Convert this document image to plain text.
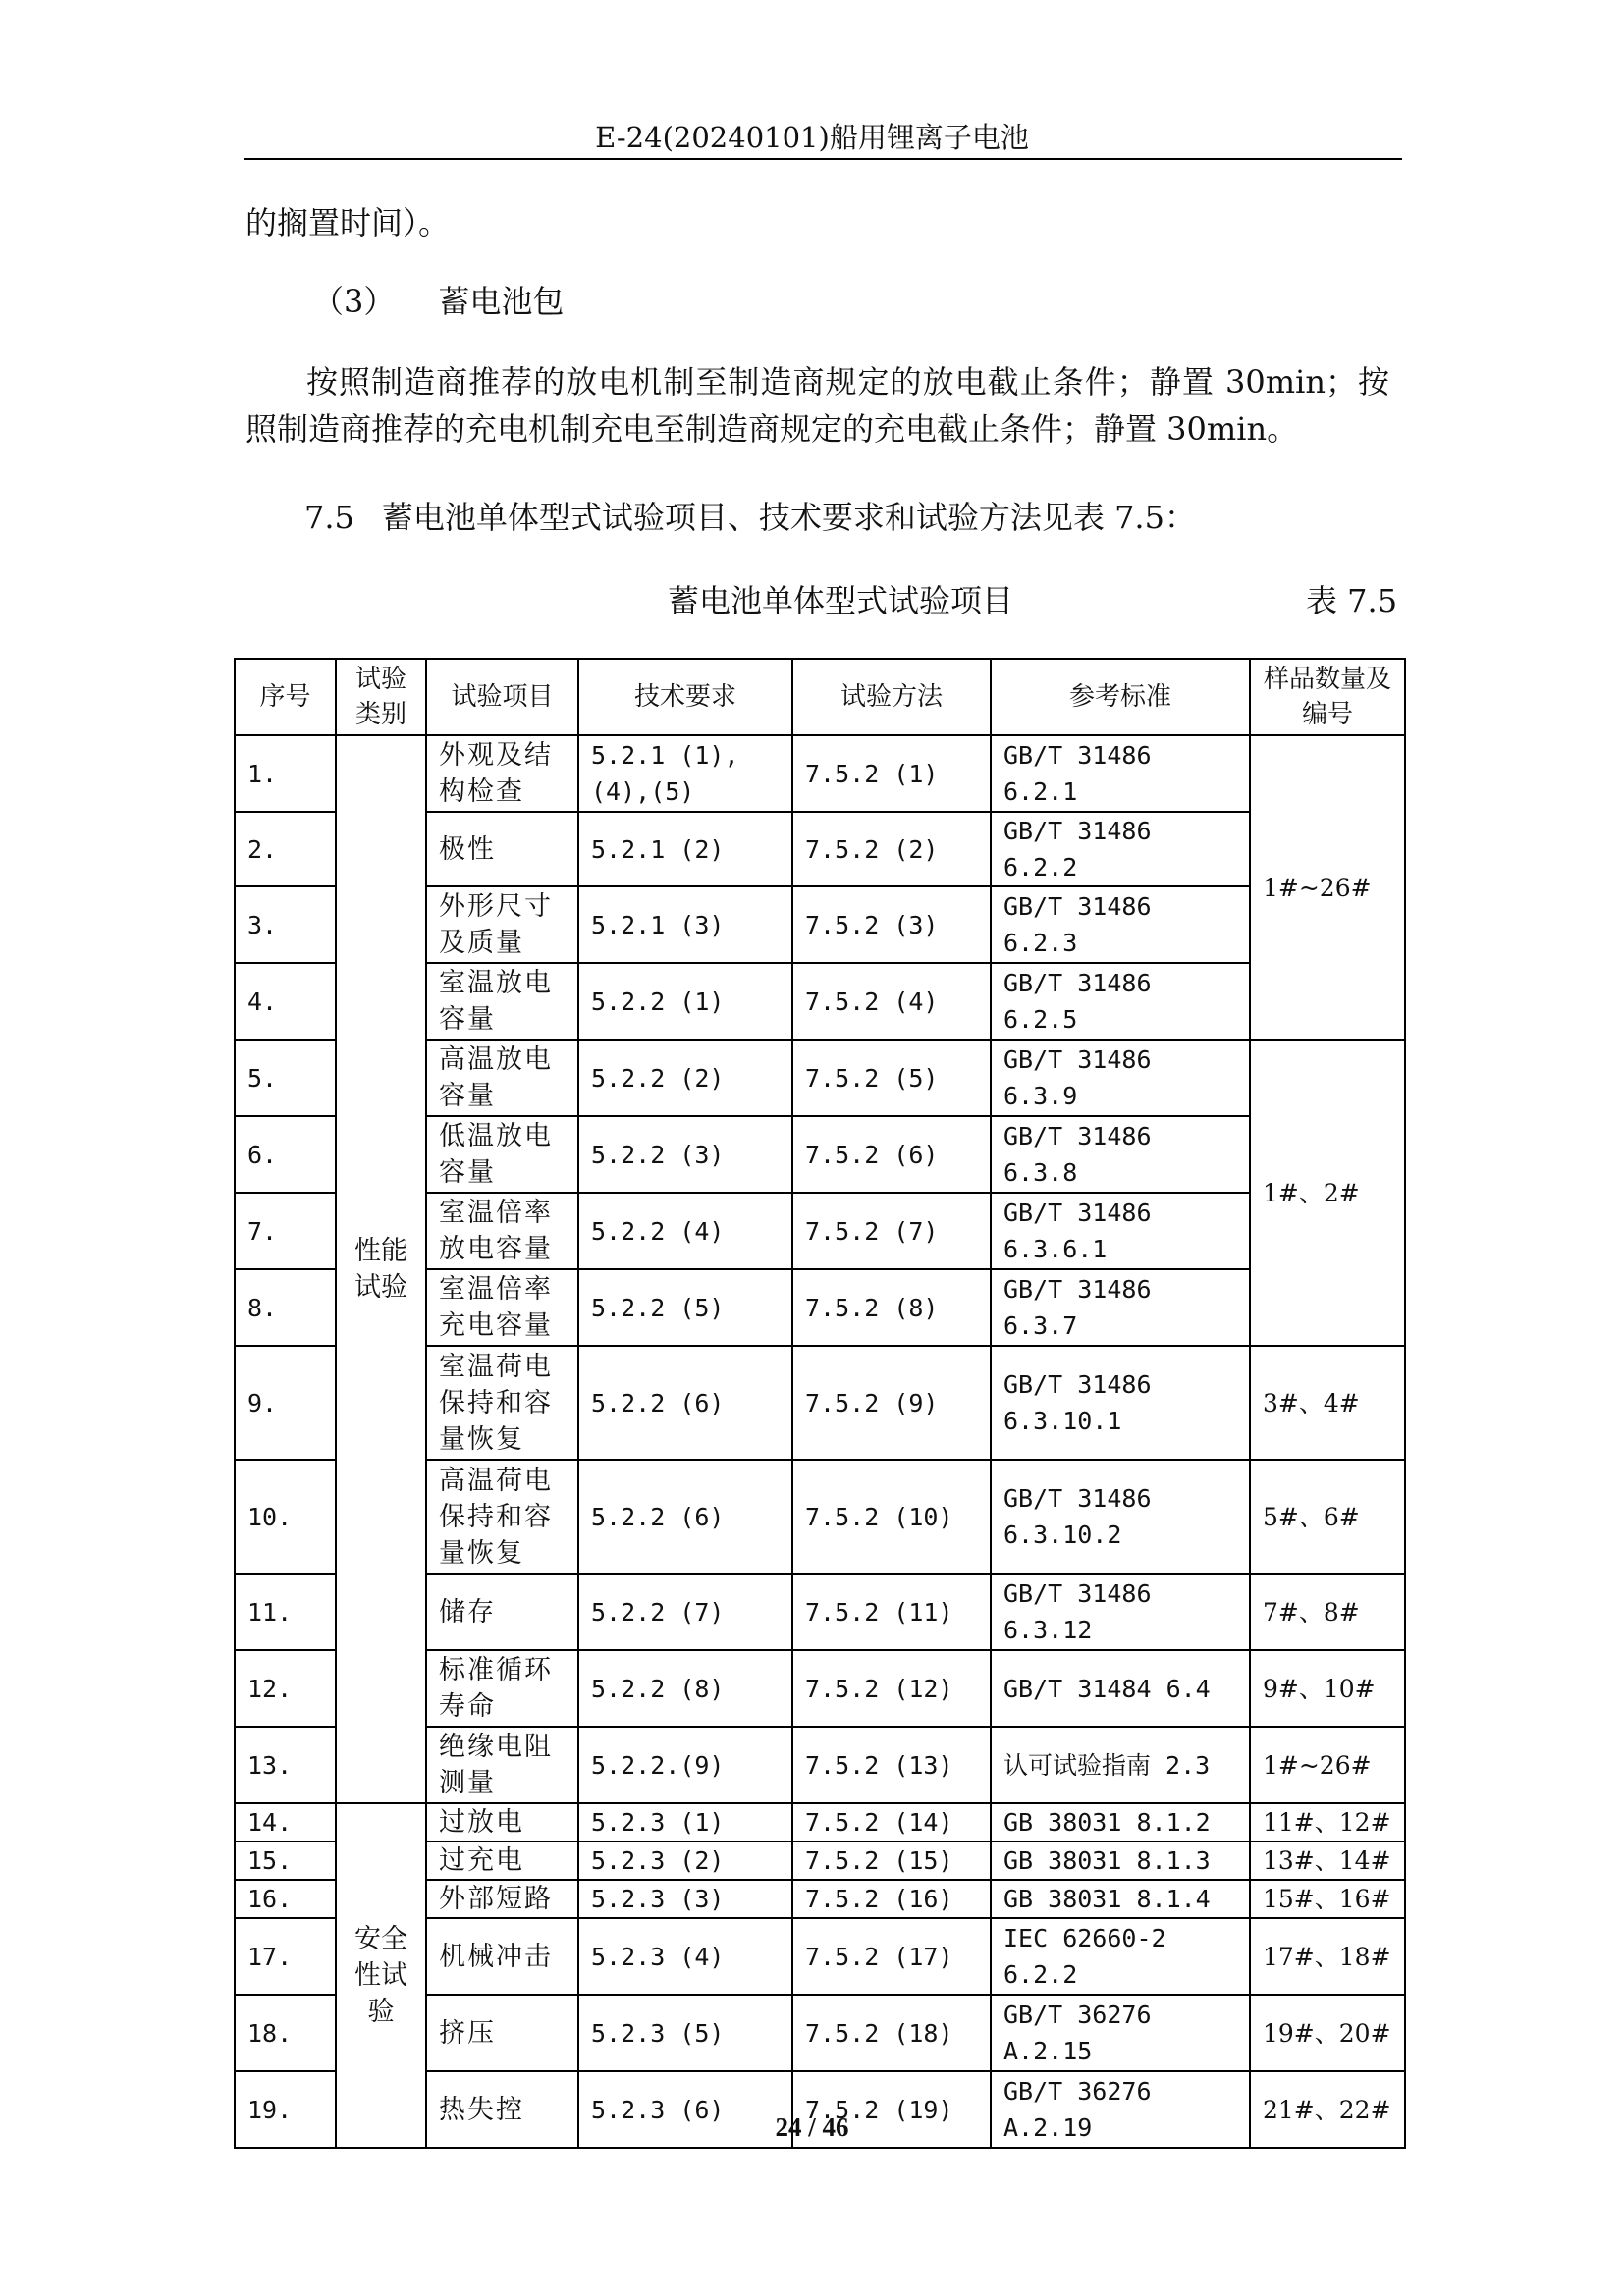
E-24(20240101)船用锂离子电池
的搁置时间）。
（3） 蓄电池包
按照制造商推荐的放电机制至制造商规定的放电截止条件；静置 30min；按照制造商推荐的充电机制充电至制造商规定的充电截止条件；静置 30min。
7.5 蓄电池单体型式试验项目、技术要求和试验方法见表 7.5：
蓄电池单体型式试验项目	表 7.5
序号	试验类别	试验项目	技术要求	试验方法	参考标准	样品数量及编号
1.	性能试验	外观及结构检查	5.2.1 (1),(4),(5)	7.5.2 (1)	GB/T 31486 6.2.1	1#~26#
2.		极性	5.2.1 (2)	7.5.2 (2)	GB/T 31486 6.2.2	
3.		外形尺寸及质量	5.2.1 (3)	7.5.2 (3)	GB/T 31486 6.2.3	
4.		室温放电容量	5.2.2 (1)	7.5.2 (4)	GB/T 31486 6.2.5	
5.		高温放电容量	5.2.2 (2)	7.5.2 (5)	GB/T 31486 6.3.9	1#、2#
6.		低温放电容量	5.2.2 (3)	7.5.2 (6)	GB/T 31486 6.3.8	
7.		室温倍率放电容量	5.2.2 (4)	7.5.2 (7)	GB/T 31486 6.3.6.1	
8.		室温倍率充电容量	5.2.2 (5)	7.5.2 (8)	GB/T 31486 6.3.7	
9.		室温荷电保持和容量恢复	5.2.2 (6)	7.5.2 (9)	GB/T 31486 6.3.10.1	3#、4#
10.		高温荷电保持和容量恢复	5.2.2 (6)	7.5.2 (10)	GB/T 31486 6.3.10.2	5#、6#
11.		储存	5.2.2 (7)	7.5.2 (11)	GB/T 31486 6.3.12	7#、8#
12.		标准循环寿命	5.2.2 (8)	7.5.2 (12)	GB/T 31484 6.4	9#、10#
13.		绝缘电阻测量	5.2.2.(9)	7.5.2 (13)	认可试验指南 2.3	1#~26#
14.	安全性试验	过放电	5.2.3 (1)	7.5.2 (14)	GB 38031 8.1.2	11#、12#
15.		过充电	5.2.3 (2)	7.5.2 (15)	GB 38031 8.1.3	13#、14#
16.		外部短路	5.2.3 (3)	7.5.2 (16)	GB 38031 8.1.4	15#、16#
17.		机械冲击	5.2.3 (4)	7.5.2 (17)	IEC 62660-2 6.2.2	17#、18#
18.		挤压	5.2.3 (5)	7.5.2 (18)	GB/T 36276 A.2.15	19#、20#
19.		热失控	5.2.3 (6)	7.5.2 (19)	GB/T 36276 A.2.19	21#、22#
24 / 46
